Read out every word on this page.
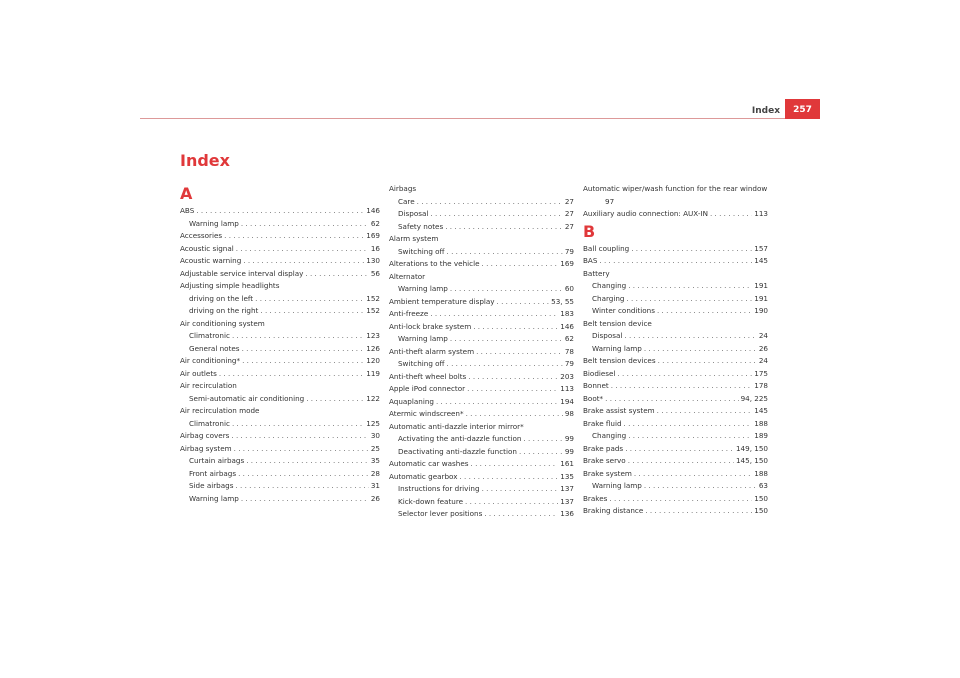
Index	257
Index
A
ABS . . .	146
Warning lamp . . .	62
Accessories . . .	169
Acoustic signal . . .	16
Acoustic warning . . .	130
Adjustable service interval display . . .	56
Adjusting simple headlights
driving on the left . . .	152
driving on the right . . .	152
Air conditioning system
Climatronic . . .	123
General notes . . .	126
Air conditioning* . . .	120
Air outlets . . .	119
Air recirculation
Semi-automatic air conditioning . . .	122
Air recirculation mode
Climatronic . . .	125
Airbag covers . . .	30
Airbag system . . .	25
Curtain airbags . . .	35
Front airbags . . .	28
Side airbags . . .	31
Warning lamp . . .	26
Airbags
Care . . .	27
Disposal . . .	27
Safety notes . . .	27
Alarm system
Switching off . . .	79
Alterations to the vehicle . . .	169
Alternator
Warning lamp . . .	60
Ambient temperature display . . .	53, 55
Anti-freeze . . .	183
Anti-lock brake system . . .	146
Warning lamp . . .	62
Anti-theft alarm system . . .	78
Switching off . . .	79
Anti-theft wheel bolts . . .	203
Apple iPod connector . . .	113
Aquaplaning . . .	194
Atermic windscreen* . . .	98
Automatic anti-dazzle interior mirror*
Activating the anti-dazzle function . . .	99
Deactivating anti-dazzle function . . .	99
Automatic car washes . . .	161
Automatic gearbox . . .	135
Instructions for driving . . .	137
Kick-down feature . . .	137
Selector lever positions . . .	136
Automatic wiper/wash function for the rear window
97
Auxiliary audio connection: AUX-IN . . .	113
B
Ball coupling . . .	157
BAS . . .	145
Battery
Changing . . .	191
Charging . . .	191
Winter conditions . . .	190
Belt tension device
Disposal . . .	24
Warning lamp . . .	26
Belt tension devices . . .	24
Biodiesel . . .	175
Bonnet . . .	178
Boot* . . .	94, 225
Brake assist system . . .	145
Brake fluid . . .	188
Changing . . .	189
Brake pads . . .	149, 150
Brake servo . . .	145, 150
Brake system . . .	188
Warning lamp . . .	63
Brakes . . .	150
Braking distance . . .	150
